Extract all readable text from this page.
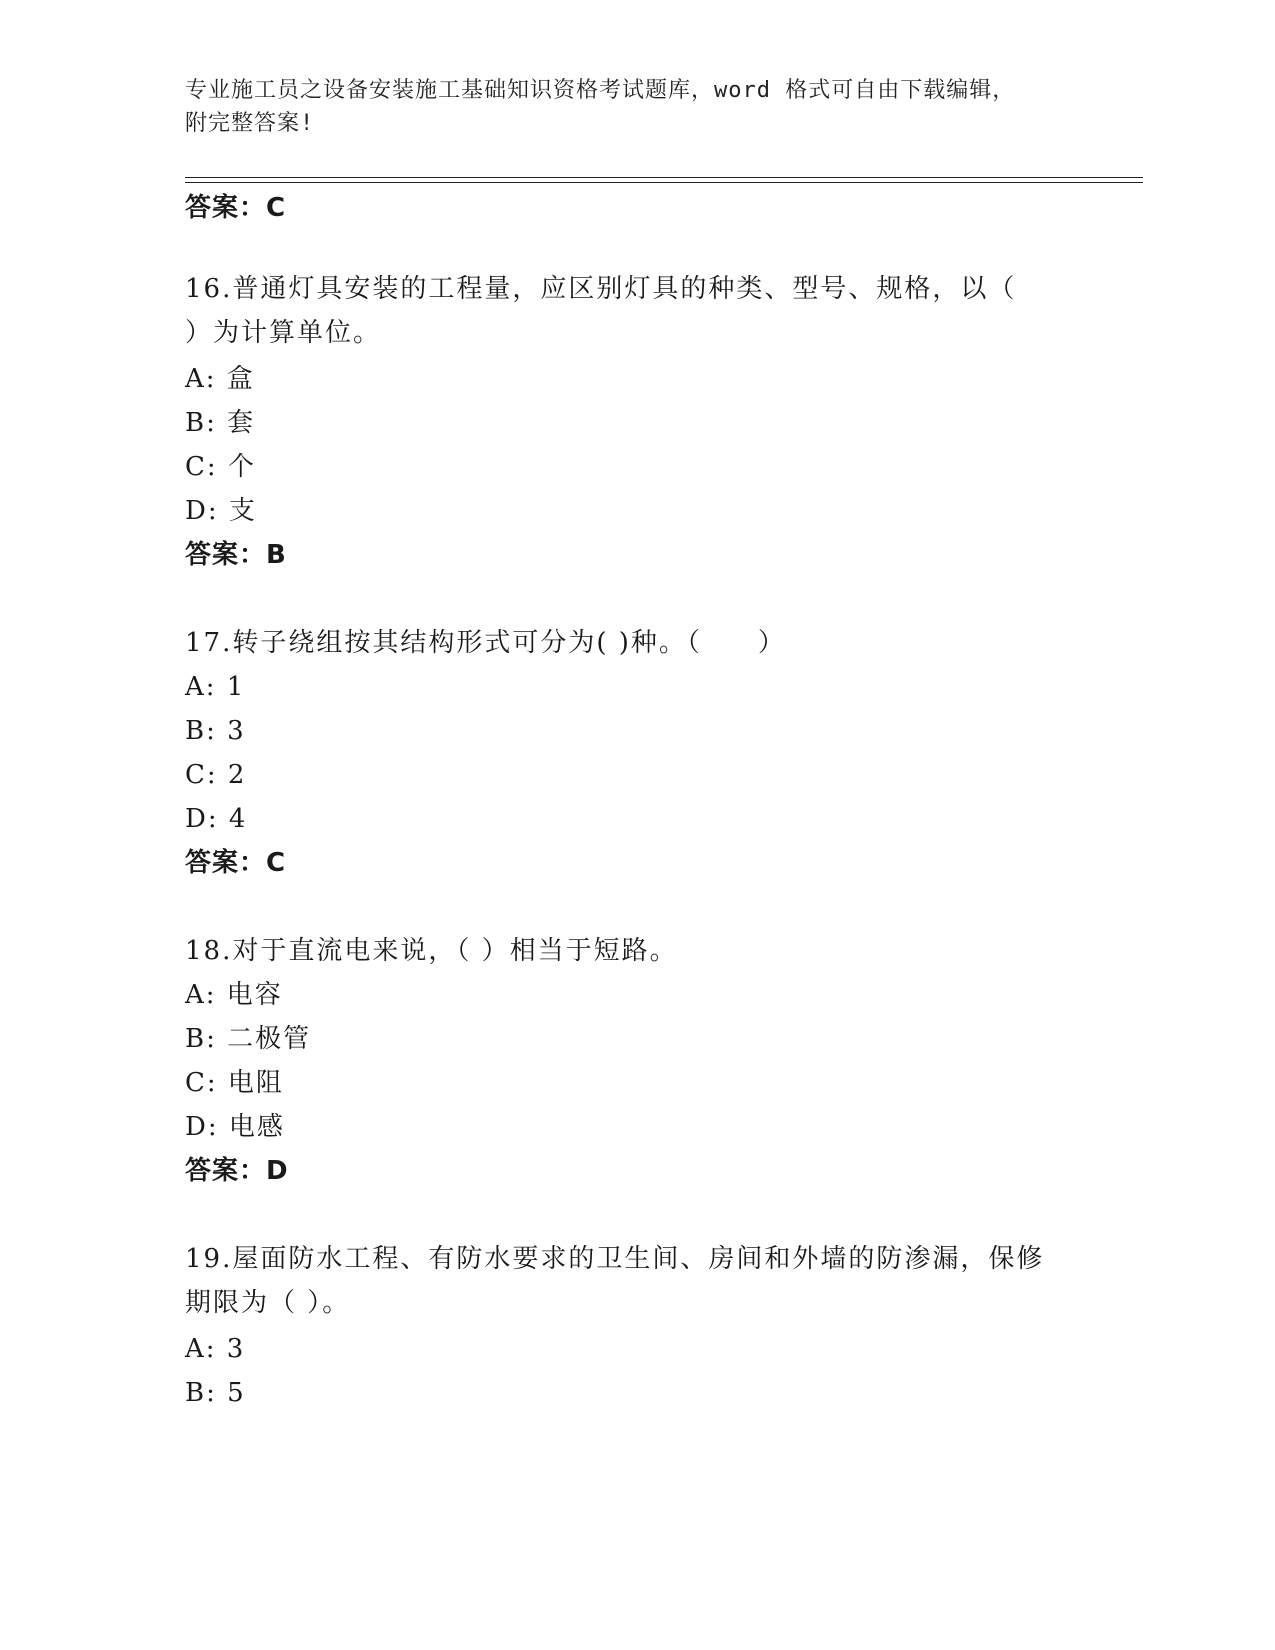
专业施工员之设备安装施工基础知识资格考试题库，word 格式可自由下载编辑，
附完整答案!
答案：C
16.普通灯具安装的工程量，应区别灯具的种类、型号、规格，以（
）为计算单位。
A: 盒
B: 套
C: 个
D: 支
答案：B
17.转子绕组按其结构形式可分为( )种。（　　）
A: 1
B: 3
C: 2
D: 4
答案：C
18.对于直流电来说，（ ）相当于短路。
A: 电容
B: 二极管
C: 电阻
D: 电感
答案：D
19.屋面防水工程、有防水要求的卫生间、房间和外墙的防渗漏，保修
期限为（ ）。
A: 3
B: 5
